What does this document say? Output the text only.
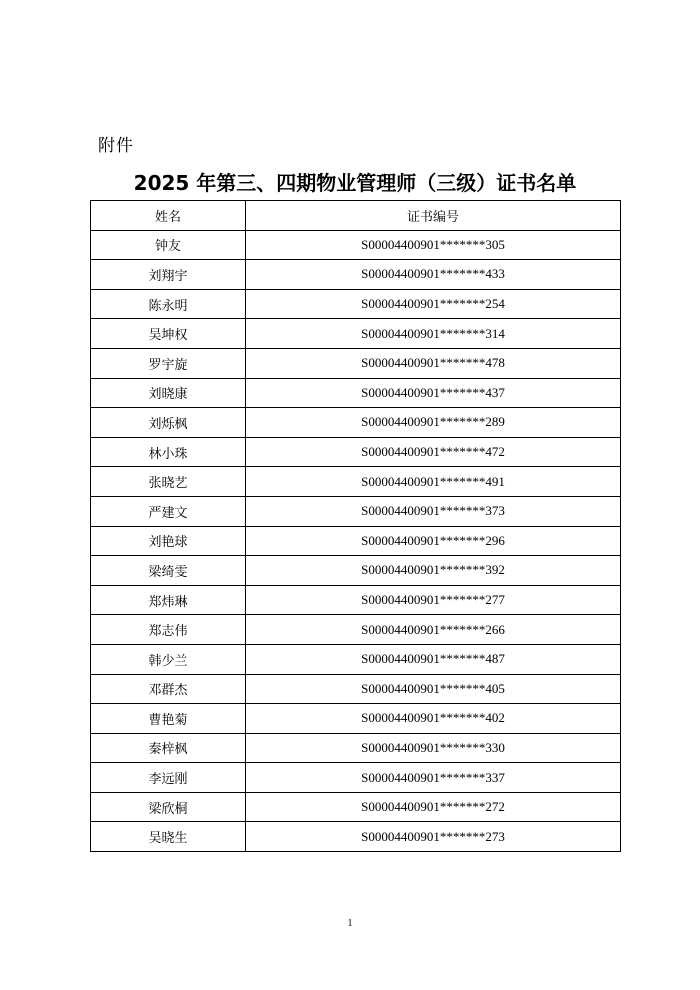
附件
2025 年第三、四期物业管理师（三级）证书名单
姓名	证书编号
钟友	S00004400901*******305
刘翔宇	S00004400901*******433
陈永明	S00004400901*******254
吴坤权	S00004400901*******314
罗宇旋	S00004400901*******478
刘晓康	S00004400901*******437
刘烁枫	S00004400901*******289
林小珠	S00004400901*******472
张晓艺	S00004400901*******491
严建文	S00004400901*******373
刘艳球	S00004400901*******296
梁绮雯	S00004400901*******392
郑炜琳	S00004400901*******277
郑志伟	S00004400901*******266
韩少兰	S00004400901*******487
邓群杰	S00004400901*******405
曹艳菊	S00004400901*******402
秦梓枫	S00004400901*******330
李远刚	S00004400901*******337
梁欣桐	S00004400901*******272
吴晓生	S00004400901*******273
1
